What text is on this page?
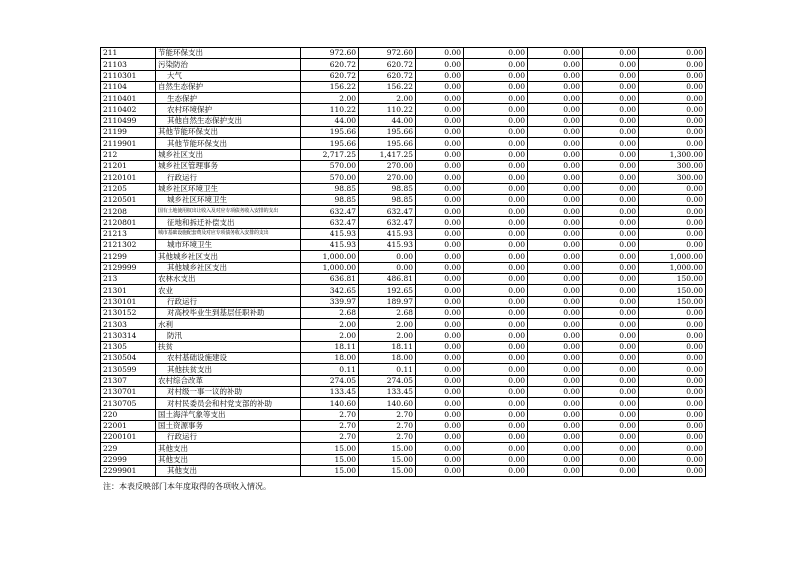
211	节能环保支出	972.60	972.60	0.00	0.00	0.00	0.00	0.00
21103	污染防治	620.72	620.72	0.00	0.00	0.00	0.00	0.00
2110301	大气	620.72	620.72	0.00	0.00	0.00	0.00	0.00
21104	自然生态保护	156.22	156.22	0.00	0.00	0.00	0.00	0.00
2110401	生态保护	2.00	2.00	0.00	0.00	0.00	0.00	0.00
2110402	农村环境保护	110.22	110.22	0.00	0.00	0.00	0.00	0.00
2110499	其他自然生态保护支出	44.00	44.00	0.00	0.00	0.00	0.00	0.00
21199	其他节能环保支出	195.66	195.66	0.00	0.00	0.00	0.00	0.00
2119901	其他节能环保支出	195.66	195.66	0.00	0.00	0.00	0.00	0.00
212	城乡社区支出	2,717.25	1,417.25	0.00	0.00	0.00	0.00	1,300.00
21201	城乡社区管理事务	570.00	270.00	0.00	0.00	0.00	0.00	300.00
2120101	行政运行	570.00	270.00	0.00	0.00	0.00	0.00	300.00
21205	城乡社区环境卫生	98.85	98.85	0.00	0.00	0.00	0.00	0.00
2120501	城乡社区环境卫生	98.85	98.85	0.00	0.00	0.00	0.00	0.00
21208	国有土地使用权出让收入及对应专项债务收入安排的支出	632.47	632.47	0.00	0.00	0.00	0.00	0.00
2120801	征地和拆迁补偿支出	632.47	632.47	0.00	0.00	0.00	0.00	0.00
21213	城市基础设施配套费及对应专项债务收入安排的支出	415.93	415.93	0.00	0.00	0.00	0.00	0.00
2121302	城市环境卫生	415.93	415.93	0.00	0.00	0.00	0.00	0.00
21299	其他城乡社区支出	1,000.00	0.00	0.00	0.00	0.00	0.00	1,000.00
2129999	其他城乡社区支出	1,000.00	0.00	0.00	0.00	0.00	0.00	1,000.00
213	农林水支出	636.81	486.81	0.00	0.00	0.00	0.00	150.00
21301	农业	342.65	192.65	0.00	0.00	0.00	0.00	150.00
2130101	行政运行	339.97	189.97	0.00	0.00	0.00	0.00	150.00
2130152	对高校毕业生到基层任职补助	2.68	2.68	0.00	0.00	0.00	0.00	0.00
21303	水利	2.00	2.00	0.00	0.00	0.00	0.00	0.00
2130314	防汛	2.00	2.00	0.00	0.00	0.00	0.00	0.00
21305	扶贫	18.11	18.11	0.00	0.00	0.00	0.00	0.00
2130504	农村基础设施建设	18.00	18.00	0.00	0.00	0.00	0.00	0.00
2130599	其他扶贫支出	0.11	0.11	0.00	0.00	0.00	0.00	0.00
21307	农村综合改革	274.05	274.05	0.00	0.00	0.00	0.00	0.00
2130701	对村级一事一议的补助	133.45	133.45	0.00	0.00	0.00	0.00	0.00
2130705	对村民委员会和村党支部的补助	140.60	140.60	0.00	0.00	0.00	0.00	0.00
220	国土海洋气象等支出	2.70	2.70	0.00	0.00	0.00	0.00	0.00
22001	国土资源事务	2.70	2.70	0.00	0.00	0.00	0.00	0.00
2200101	行政运行	2.70	2.70	0.00	0.00	0.00	0.00	0.00
229	其他支出	15.00	15.00	0.00	0.00	0.00	0.00	0.00
22999	其他支出	15.00	15.00	0.00	0.00	0.00	0.00	0.00
2299901	其他支出	15.00	15.00	0.00	0.00	0.00	0.00	0.00
注：本表反映部门本年度取得的各项收入情况。
